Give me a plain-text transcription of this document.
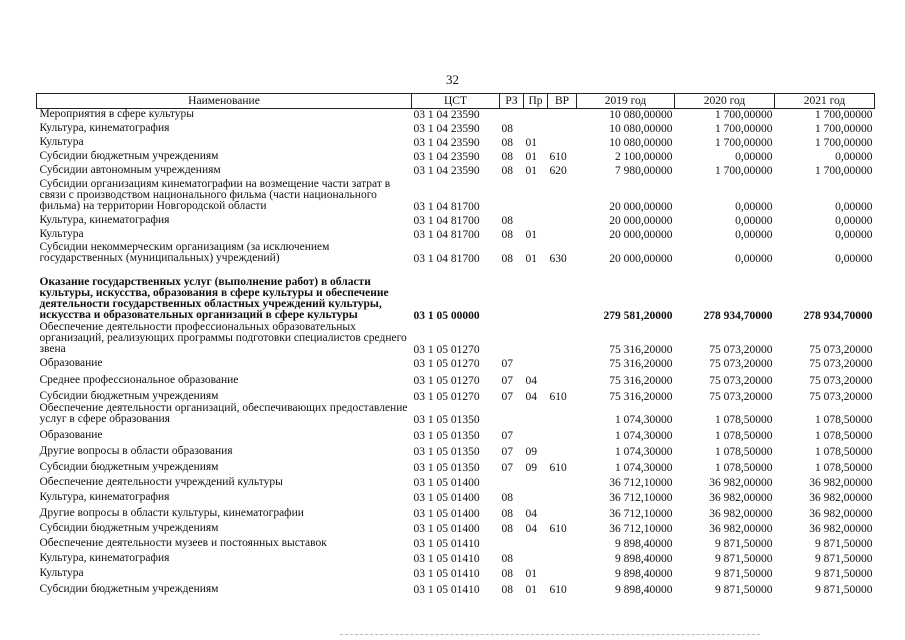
32
Наименование	ЦСТ	РЗ	Пр	ВР	2019 год	2020 год	2021 год
Мероприятия в сфере культуры	03 1 04 23590				10 080,00000	1 700,00000	1 700,00000
Культура, кинематография	03 1 04 23590	08			10 080,00000	1 700,00000	1 700,00000
Культура	03 1 04 23590	08	01		10 080,00000	1 700,00000	1 700,00000
Субсидии бюджетным учреждениям	03 1 04 23590	08	01	610	2 100,00000	0,00000	0,00000
Субсидии автономным учреждениям	03 1 04 23590	08	01	620	7 980,00000	1 700,00000	1 700,00000
Субсидии организациям кинематографии на возмещение части затрат в связи с производством национального фильма (части национального фильма) на территории Новгородской области	03 1 04 81700				20 000,00000	0,00000	0,00000
Культура, кинематография	03 1 04 81700	08			20 000,00000	0,00000	0,00000
Культура	03 1 04 81700	08	01		20 000,00000	0,00000	0,00000
Субсидии некоммерческим организациям (за исключением государственных (муниципальных) учреждений)	03 1 04 81700	08	01	630	20 000,00000	0,00000	0,00000
Оказание государственных услуг (выполнение работ) в области культуры, искусства, образования в сфере культуры и обеспечение деятельности государственных областных учреждений культуры, искусства и образовательных организаций в сфере культуры	03 1 05 00000				279 581,20000	278 934,70000	278 934,70000
Обеспечение деятельности профессиональных образовательных организаций, реализующих программы подготовки специалистов среднего звена	03 1 05 01270				75 316,20000	75 073,20000	75 073,20000
Образование	03 1 05 01270	07			75 316,20000	75 073,20000	75 073,20000
Среднее профессиональное образование	03 1 05 01270	07	04		75 316,20000	75 073,20000	75 073,20000
Субсидии бюджетным учреждениям	03 1 05 01270	07	04	610	75 316,20000	75 073,20000	75 073,20000
Обеспечение деятельности организаций, обеспечивающих предоставление услуг в сфере образования	03 1 05 01350				1 074,30000	1 078,50000	1 078,50000
Образование	03 1 05 01350	07			1 074,30000	1 078,50000	1 078,50000
Другие вопросы в области образования	03 1 05 01350	07	09		1 074,30000	1 078,50000	1 078,50000
Субсидии бюджетным учреждениям	03 1 05 01350	07	09	610	1 074,30000	1 078,50000	1 078,50000
Обеспечение деятельности учреждений культуры	03 1 05 01400				36 712,10000	36 982,00000	36 982,00000
Культура, кинематография	03 1 05 01400	08			36 712,10000	36 982,00000	36 982,00000
Другие вопросы в области культуры, кинематографии	03 1 05 01400	08	04		36 712,10000	36 982,00000	36 982,00000
Субсидии бюджетным учреждениям	03 1 05 01400	08	04	610	36 712,10000	36 982,00000	36 982,00000
Обеспечение деятельности музеев и постоянных выставок	03 1 05 01410				9 898,40000	9 871,50000	9 871,50000
Культура, кинематография	03 1 05 01410	08			9 898,40000	9 871,50000	9 871,50000
Культура	03 1 05 01410	08	01		9 898,40000	9 871,50000	9 871,50000
Субсидии бюджетным учреждениям	03 1 05 01410	08	01	610	9 898,40000	9 871,50000	9 871,50000
